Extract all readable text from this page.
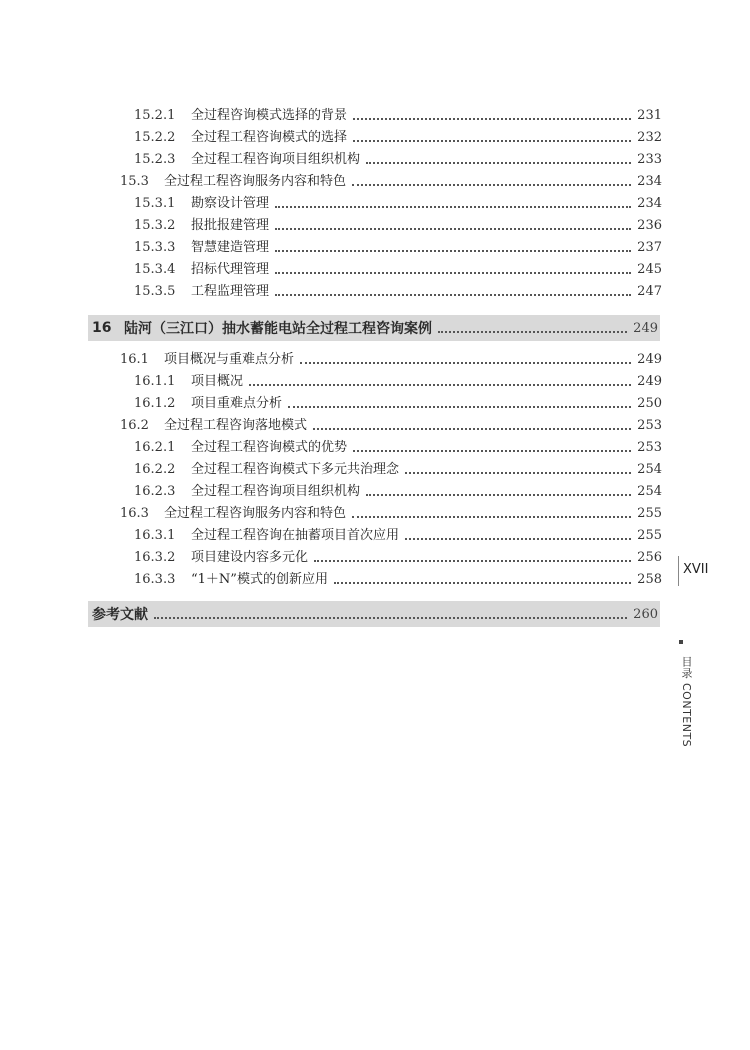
15.2.1	全过程咨询模式选择的背景	231
15.2.2	全过程工程咨询模式的选择	232
15.2.3	全过程工程咨询项目组织机构	233
15.3	全过程工程咨询服务内容和特色	234
15.3.1	勘察设计管理	234
15.3.2	报批报建管理	236
15.3.3	智慧建造管理	237
15.3.4	招标代理管理	245
15.3.5	工程监理管理	247
16 陆河（三江口）抽水蓄能电站全过程工程咨询案例	249
16.1	项目概况与重难点分析	249
16.1.1	项目概况	249
16.1.2	项目重难点分析	250
16.2	全过程工程咨询落地模式	253
16.2.1	全过程工程咨询模式的优势	253
16.2.2	全过程工程咨询模式下多元共治理念	254
16.2.3	全过程工程咨询项目组织机构	254
16.3	全过程工程咨询服务内容和特色	255
16.3.1	全过程工程咨询在抽蓄项目首次应用	255
16.3.2	项目建设内容多元化	256
16.3.3	“1＋N”模式的创新应用	258
参考文献	260
XVII
目录 CONTENTS
